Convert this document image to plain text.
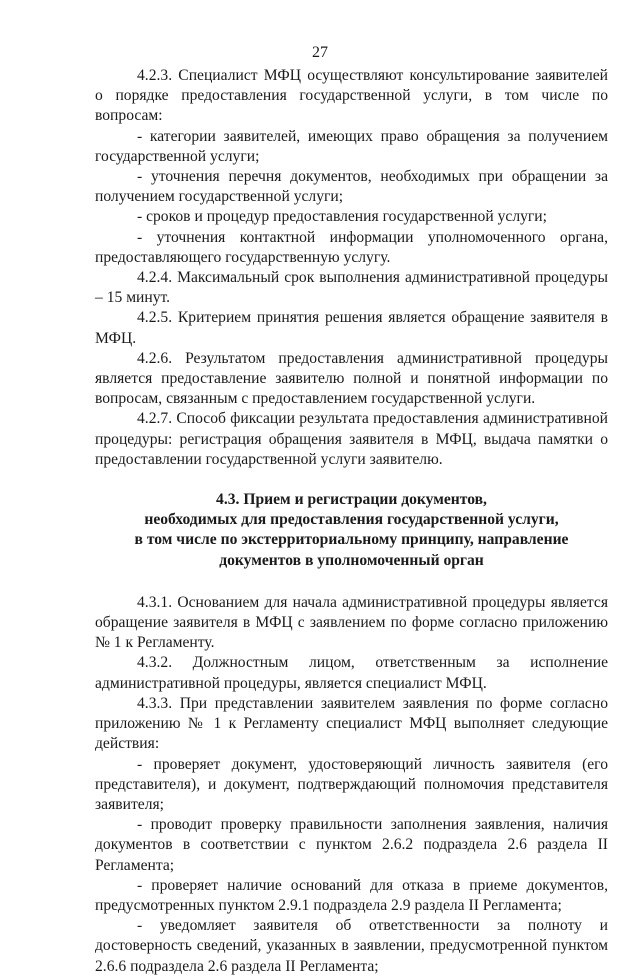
27
4.2.3. Специалист МФЦ осуществляют консультирование заявителей о порядке предоставления государственной услуги, в том числе по вопросам:
- категории заявителей, имеющих право обращения за получением государственной услуги;
- уточнения перечня документов, необходимых при обращении за получением государственной услуги;
- сроков и процедур предоставления государственной услуги;
- уточнения контактной информации уполномоченного органа, предоставляющего государственную услугу.
4.2.4. Максимальный срок выполнения административной процедуры – 15 минут.
4.2.5. Критерием принятия решения является обращение заявителя в МФЦ.
4.2.6. Результатом предоставления административной процедуры является предоставление заявителю полной и понятной информации по вопросам, связанным с предоставлением государственной услуги.
4.2.7. Способ фиксации результата предоставления административной процедуры: регистрация обращения заявителя в МФЦ, выдача памятки о предоставлении государственной услуги заявителю.
4.3. Прием и регистрации документов,
необходимых для предоставления государственной услуги,
в том числе по экстерриториальному принципу, направление
документов в уполномоченный орган
4.3.1. Основанием для начала административной процедуры является обращение заявителя в МФЦ с заявлением по форме согласно приложению № 1 к Регламенту.
4.3.2. Должностным лицом, ответственным за исполнение административной процедуры, является специалист МФЦ.
4.3.3. При представлении заявителем заявления по форме согласно приложению № 1 к Регламенту специалист МФЦ выполняет следующие действия:
- проверяет документ, удостоверяющий личность заявителя (его представителя), и документ, подтверждающий полномочия представителя заявителя;
- проводит проверку правильности заполнения заявления, наличия документов в соответствии с пунктом 2.6.2 подраздела 2.6 раздела II Регламента;
- проверяет наличие оснований для отказа в приеме документов, предусмотренных пунктом 2.9.1 подраздела 2.9 раздела II Регламента;
- уведомляет заявителя об ответственности за полноту и достоверность сведений, указанных в заявлении, предусмотренной пунктом 2.6.6 подраздела 2.6 раздела II Регламента;
